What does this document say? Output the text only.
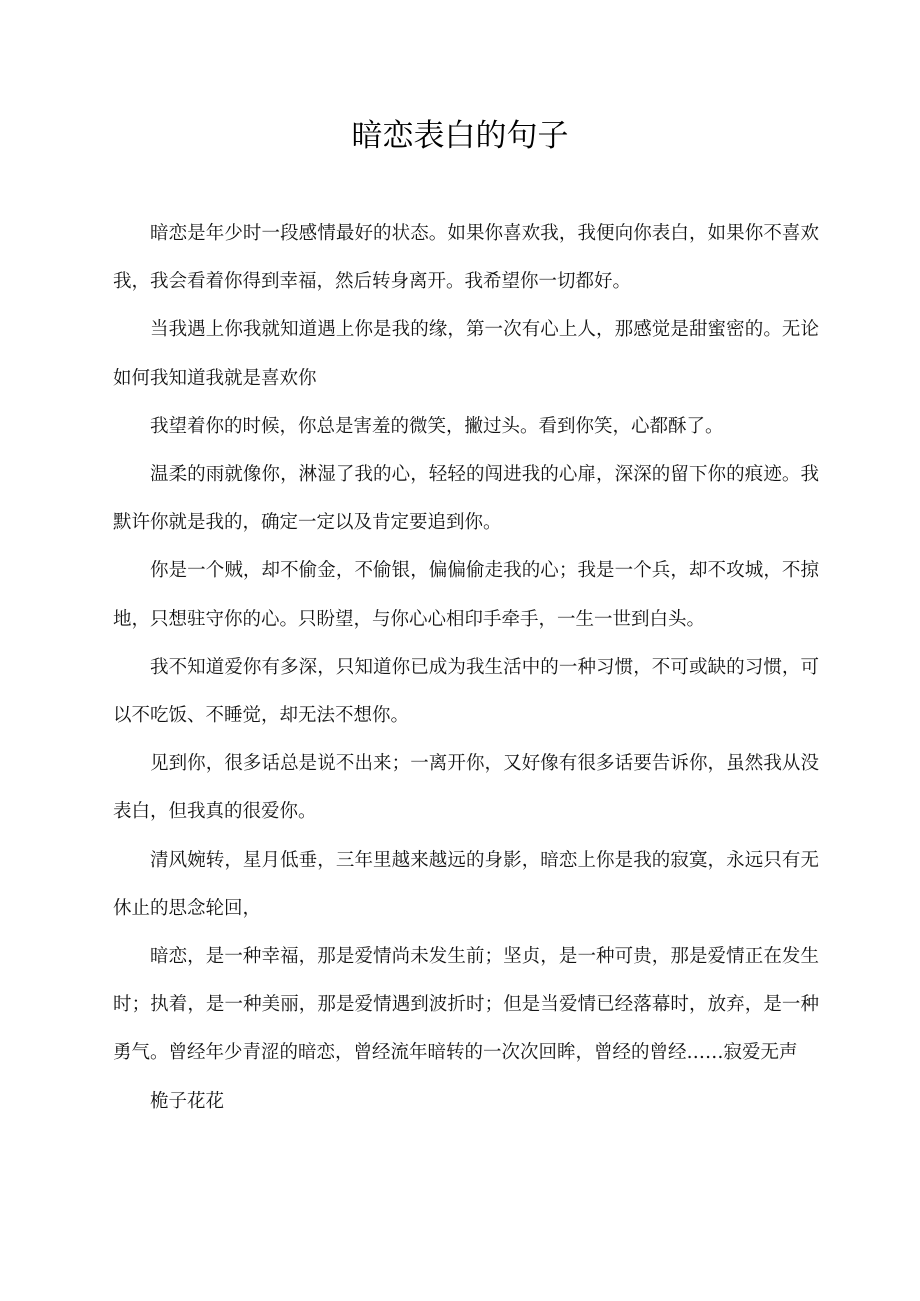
暗恋表白的句子

暗恋是年少时一段感情最好的状态。如果你喜欢我，我便向你表白，如果你不喜欢我，我会看着你得到幸福，然后转身离开。我希望你一切都好。

当我遇上你我就知道遇上你是我的缘，第一次有心上人，那感觉是甜蜜密的。无论如何我知道我就是喜欢你

我望着你的时候，你总是害羞的微笑，撇过头。看到你笑，心都酥了。

温柔的雨就像你，淋湿了我的心，轻轻的闯进我的心扉，深深的留下你的痕迹。我默许你就是我的，确定一定以及肯定要追到你。

你是一个贼，却不偷金，不偷银，偏偏偷走我的心；我是一个兵，却不攻城，不掠地，只想驻守你的心。只盼望，与你心心相印手牵手，一生一世到白头。

我不知道爱你有多深，只知道你已成为我生活中的一种习惯，不可或缺的习惯，可以不吃饭、不睡觉，却无法不想你。

见到你，很多话总是说不出来；一离开你，又好像有很多话要告诉你，虽然我从没表白，但我真的很爱你。

清风婉转，星月低垂，三年里越来越远的身影，暗恋上你是我的寂寞，永远只有无休止的思念轮回，

暗恋，是一种幸福，那是爱情尚未发生前；坚贞，是一种可贵，那是爱情正在发生时；执着，是一种美丽，那是爱情遇到波折时；但是当爱情已经落幕时，放弃，是一种勇气。曾经年少青涩的暗恋，曾经流年暗转的一次次回眸，曾经的曾经……寂爱无声

桅子花花
